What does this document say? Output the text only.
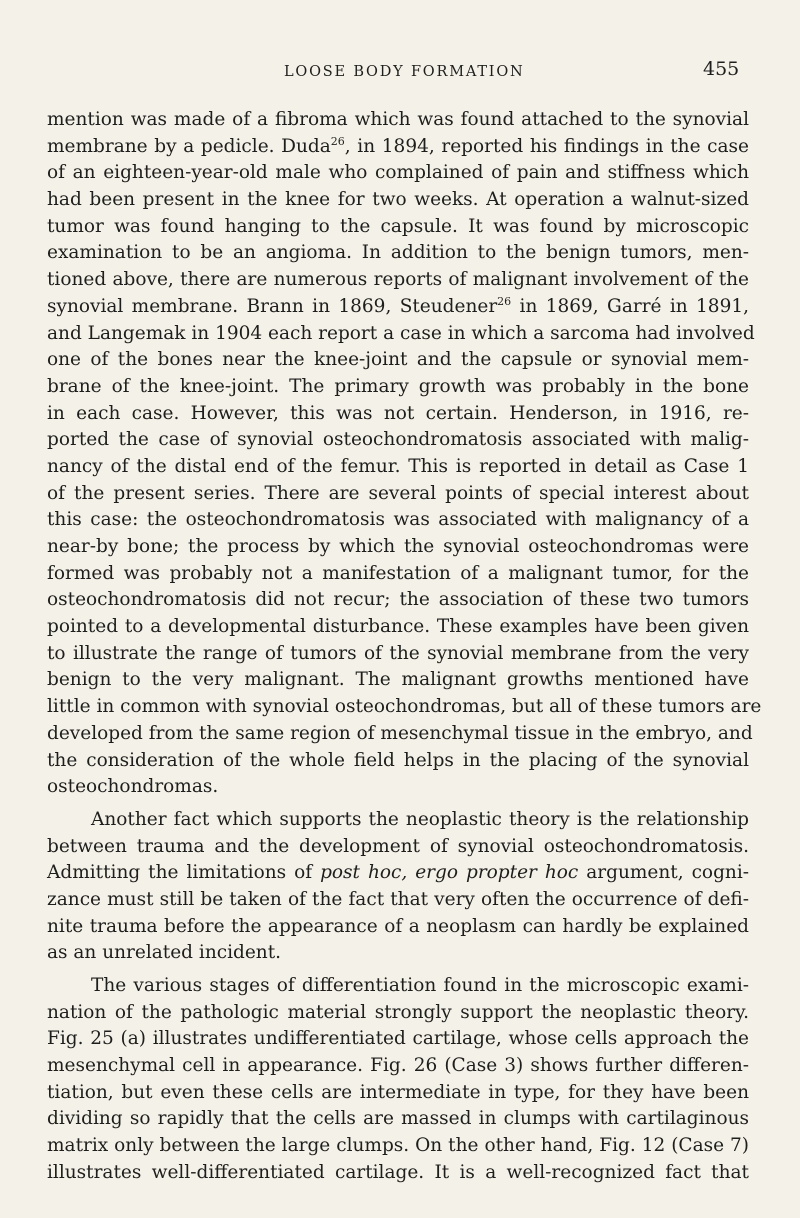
LOOSE BODY FORMATION	455
mention was made of a fibroma which was found attached to the synovial
membrane by a pedicle. Duda$^{26}$, in 1894, reported his findings in the case
of an eighteen-year-old male who complained of pain and stiffness which
had been present in the knee for two weeks. At operation a walnut-sized
tumor was found hanging to the capsule. It was found by microscopic
examination to be an angioma. In addition to the benign tumors, men-
tioned above, there are numerous reports of malignant involvement of the
synovial membrane. Brann in 1869, Steudener$^{26}$ in 1869, Garré in 1891,
and Langemak in 1904 each report a case in which a sarcoma had involved
one of the bones near the knee-joint and the capsule or synovial mem-
brane of the knee-joint. The primary growth was probably in the bone
in each case. However, this was not certain. Henderson, in 1916, re-
ported the case of synovial osteochondromatosis associated with malig-
nancy of the distal end of the femur. This is reported in detail as Case 1
of the present series. There are several points of special interest about
this case: the osteochondromatosis was associated with malignancy of a
near-by bone; the process by which the synovial osteochondromas were
formed was probably not a manifestation of a malignant tumor, for the
osteochondromatosis did not recur; the association of these two tumors
pointed to a developmental disturbance. These examples have been given
to illustrate the range of tumors of the synovial membrane from the very
benign to the very malignant. The malignant growths mentioned have
little in common with synovial osteochondromas, but all of these tumors are
developed from the same region of mesenchymal tissue in the embryo, and
the consideration of the whole field helps in the placing of the synovial
osteochondromas.
Another fact which supports the neoplastic theory is the relationship
between trauma and the development of synovial osteochondromatosis.
Admitting the limitations of post hoc, ergo propter hoc argument, cogni-
zance must still be taken of the fact that very often the occurrence of defi-
nite trauma before the appearance of a neoplasm can hardly be explained
as an unrelated incident.
The various stages of differentiation found in the microscopic exami-
nation of the pathologic material strongly support the neoplastic theory.
Fig. 25 (a) illustrates undifferentiated cartilage, whose cells approach the
mesenchymal cell in appearance. Fig. 26 (Case 3) shows further differen-
tiation, but even these cells are intermediate in type, for they have been
dividing so rapidly that the cells are massed in clumps with cartilaginous
matrix only between the large clumps. On the other hand, Fig. 12 (Case 7)
illustrates well-differentiated cartilage. It is a well-recognized fact that
